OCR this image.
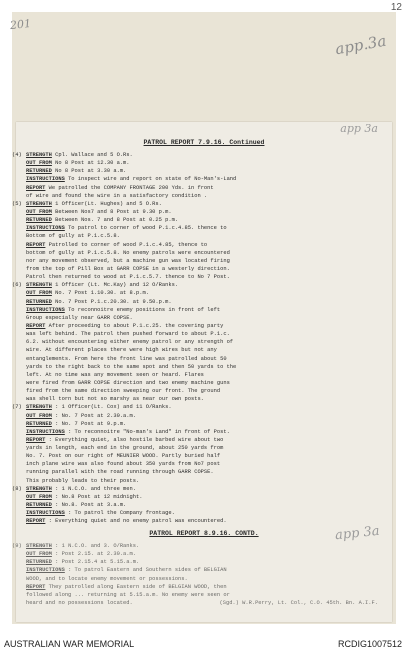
12
201
app.3a
app 3a
app 3a
PATROL REPORT 7.9.16. Continued
(4) STRENGTH Cpl. Wallace and 5 O.Rs.
OUT FROM No 8 Post at 12.30 a.m.
RETURNED No 8 Post at 3.30 a.m.
INSTRUCTIONS To inspect wire and report on state of No-Man's-Land
REPORT We patrolled the COMPANY FRONTAGE 200 Yds. in front
of wire and found the wire in a satisfactory condition .
(5) STRENGTH 1 Officer(Lt. Hughes) and 5 O.Rs.
OUT FROM Between Nos7 and 8 Post at 9.30 p.m.
RETURNED Between Nos. 7 and 8 Post at 0.25 p.m.
INSTRUCTIONS To patrol to corner of wood P.1.c.4.85. thence to
Bottom of gully at P.1.c.5.8.
REPORT Patrolled to corner of wood P.1.c.4.85, thence to
bottom of gully at P.1.c.5.8. No enemy patrols were encountered
nor any movement observed, but a machine gun was located firing
from the top of Pill Box at GARR COPSE in a westerly direction.
Patrol then returned to wood at P.1.c.5.7. thence to No 7 Post.
(6) STRENGTH 1 Officer (Lt. Mc.Kay) and 12 O/Ranks.
OUT FROM No. 7 Post 1.10.30. at 8.p.m.
RETURNED No. 7 Post P.1.c.20.30. at 9.50.p.m.
INSTRUCTIONS To reconnoitre enemy positions in front of left
Group especially near GARR COPSE.
REPORT After proceeding to about P.1.c.25. the covering party
was left behind. The patrol then pushed forward to about P.1.c.
6.2. without encountering either enemy patrol or any strength of
wire. At different places there were high wires but not any
entanglements. From here the front line was patrolled about 50
yards to the right back to the same spot and then 50 yards to the
left. At no time was any movement seen or heard. Flares
were fired from GARR COPSE direction and two enemy machine guns
fired from the same direction sweeping our front. The ground
was shell torn but not so marshy as near our own posts.
(7) STRENGTH : 1 Officer(Lt. Cox) and 11 O/Ranks.
OUT FROM : No. 7 Post at 2.30.a.m.
RETURNED : No. 7 Post at 9.p.m.
INSTRUCTIONS : To reconnoitre "No-man's Land" in front of Post.
REPORT : Everything quiet, also hostile barbed wire about two
yards in length, each end in the ground, about 250 yards from
No. 7. Post on our right of MEUNIER WOOD. Partly buried half
inch plane wire was also found about 350 yards from No7 post
running parallel with the road running through GARR COPSE.
This probably leads to their posts.
(8) STRENGTH : 1 N.C.O. and three men.
OUT FROM : No.8 Post at 12 midnight.
RETURNED : No.8. Post at 3.a.m.
INSTRUCTIONS : To patrol the Company frontage.
REPORT : Everything quiet and no enemy patrol was encountered.
PATROL REPORT 8.9.16. CONTD.
(9) STRENGTH : 1 N.C.O. and 3. O/Ranks.
OUT FROM : Post 2.15. at 2.30.a.m.
RETURNED : Post 2.15.4 at 5.15.a.m.
INSTRUCTIONS : To patrol Eastern and Southern sides of BELGIAN
WOOD, and to locate enemy movement or possessions.
REPORT They patrolled along Eastern side of BELGIAN WOOD, then
followed along ... returning at 5.15.a.m. No enemy were seen or
heard and no possessions located.	(Sgd.) W.R.Perry, Lt. Col., C.O. 45th. Bn. A.I.F.
AUSTRALIAN WAR MEMORIAL	RCDIG1007512
